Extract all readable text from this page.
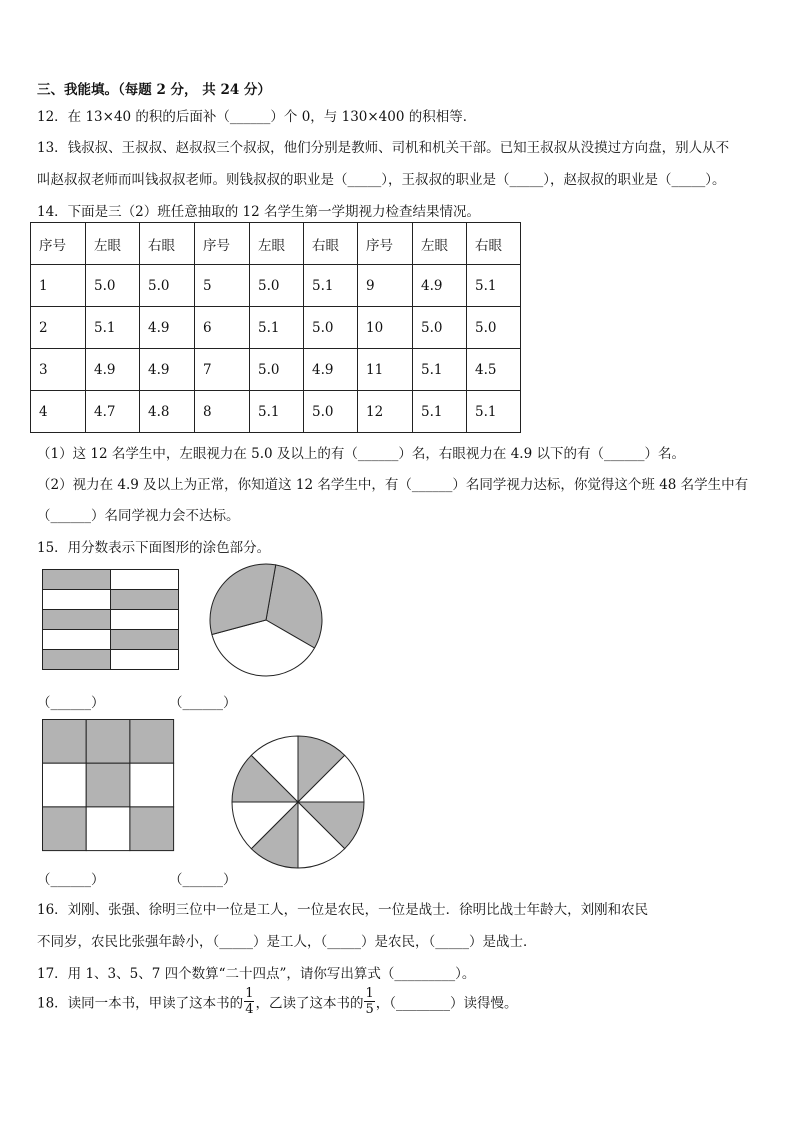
三、我能填。（每题 2 分， 共 24 分）
12．在 13×40 的积的后面补（______）个 0，与 130×400 的积相等．
13．钱叔叔、王叔叔、赵叔叔三个叔叔，他们分别是教师、司机和机关干部。已知王叔叔从没摸过方向盘，别人从不
叫赵叔叔老师而叫钱叔叔老师。则钱叔叔的职业是（_____），王叔叔的职业是（_____），赵叔叔的职业是（_____）。
14．下面是三（2）班任意抽取的 12 名学生第一学期视力检查结果情况。
序号	左眼	右眼	序号	左眼	右眼	序号	左眼	右眼
1	5.0	5.0	5	5.0	5.1	9	4.9	5.1
2	5.1	4.9	6	5.1	5.0	10	5.0	5.0
3	4.9	4.9	7	5.0	4.9	11	5.1	4.5
4	4.7	4.8	8	5.1	5.0	12	5.1	5.1
（1）这 12 名学生中，左眼视力在 5.0 及以上的有（______）名，右眼视力在 4.9 以下的有（______）名。
（2）视力在 4.9 及以上为正常，你知道这 12 名学生中，有（______）名同学视力达标，你觉得这个班 48 名学生中有
（______）名同学视力会不达标。
15．用分数表示下面图形的涂色部分。
（______）	（______）
（______）	（______）
16．刘刚、张强、徐明三位中一位是工人，一位是农民，一位是战士．徐明比战士年龄大，刘刚和农民
不同岁，农民比张强年龄小，（_____）是工人，（_____）是农民，（_____）是战士．
17．用 1、3、5、7 四个数算“二十四点”，请你写出算式（_________）。
18．读同一本书，甲读了这本书的 $\frac{1}{4}$ ，乙读了这本书的 $\frac{1}{5}$ ，（________）读得慢。
